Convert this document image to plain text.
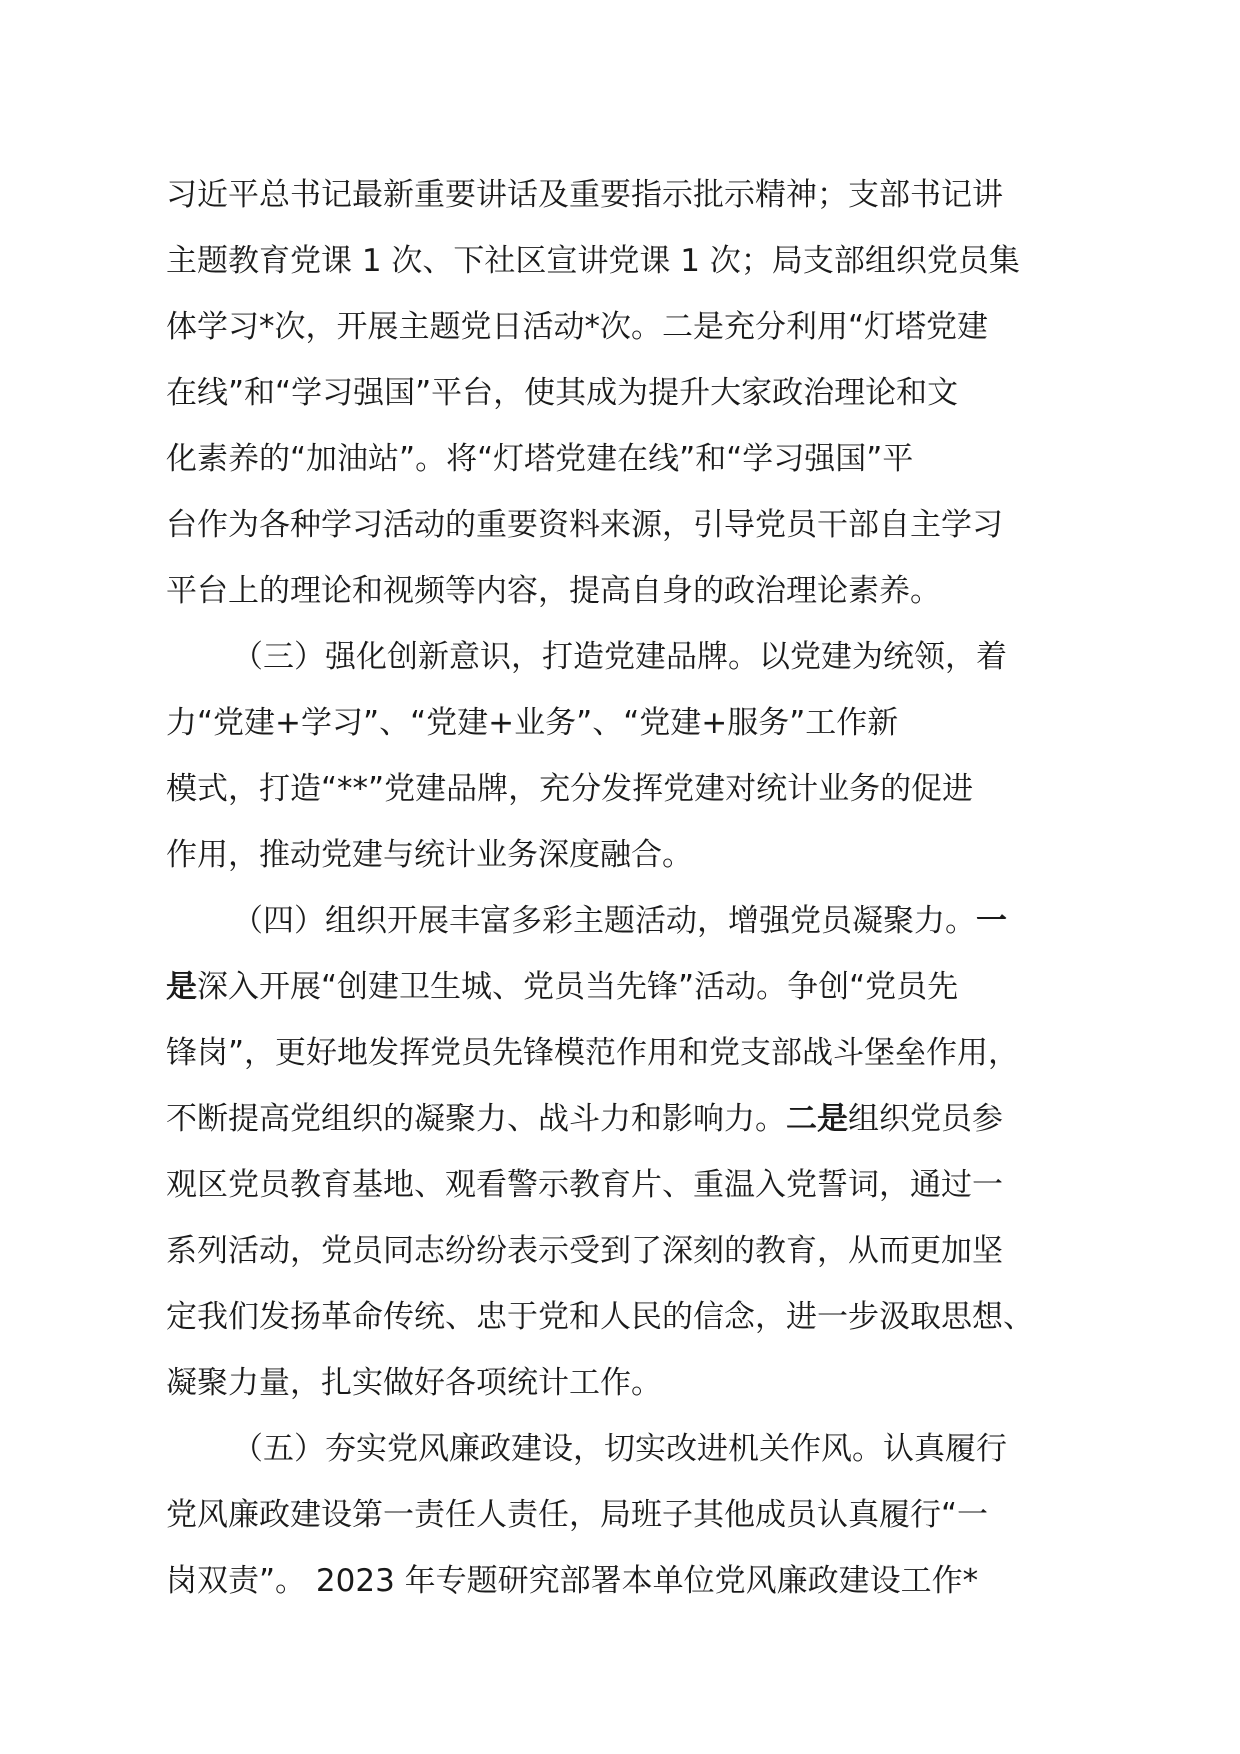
习近平总书记最新重要讲话及重要指示批示精神；支部书记讲
主题教育党课 1 次、下社区宣讲党课 1 次；局支部组织党员集
体学习*次，开展主题党日活动*次。二是充分利用“灯塔党建
在线”和“学习强国”平台，使其成为提升大家政治理论和文
化素养的“加油站”。将“灯塔党建在线”和“学习强国”平
台作为各种学习活动的重要资料来源，引导党员干部自主学习
平台上的理论和视频等内容，提高自身的政治理论素养。
（三）强化创新意识，打造党建品牌。以党建为统领，着
力“党建+学习”、“党建+业务”、“党建+服务”工作新
模式，打造“**”党建品牌，充分发挥党建对统计业务的促进
作用，推动党建与统计业务深度融合。
（四）组织开展丰富多彩主题活动，增强党员凝聚力。一
是深入开展“创建卫生城、党员当先锋”活动。争创“党员先
锋岗”，更好地发挥党员先锋模范作用和党支部战斗堡垒作用，
不断提高党组织的凝聚力、战斗力和影响力。二是组织党员参
观区党员教育基地、观看警示教育片、重温入党誓词，通过一
系列活动，党员同志纷纷表示受到了深刻的教育，从而更加坚
定我们发扬革命传统、忠于党和人民的信念，进一步汲取思想、
凝聚力量，扎实做好各项统计工作。
（五）夯实党风廉政建设，切实改进机关作风。认真履行
党风廉政建设第一责任人责任，局班子其他成员认真履行“一
岗双责”。 2023 年专题研究部署本单位党风廉政建设工作*
